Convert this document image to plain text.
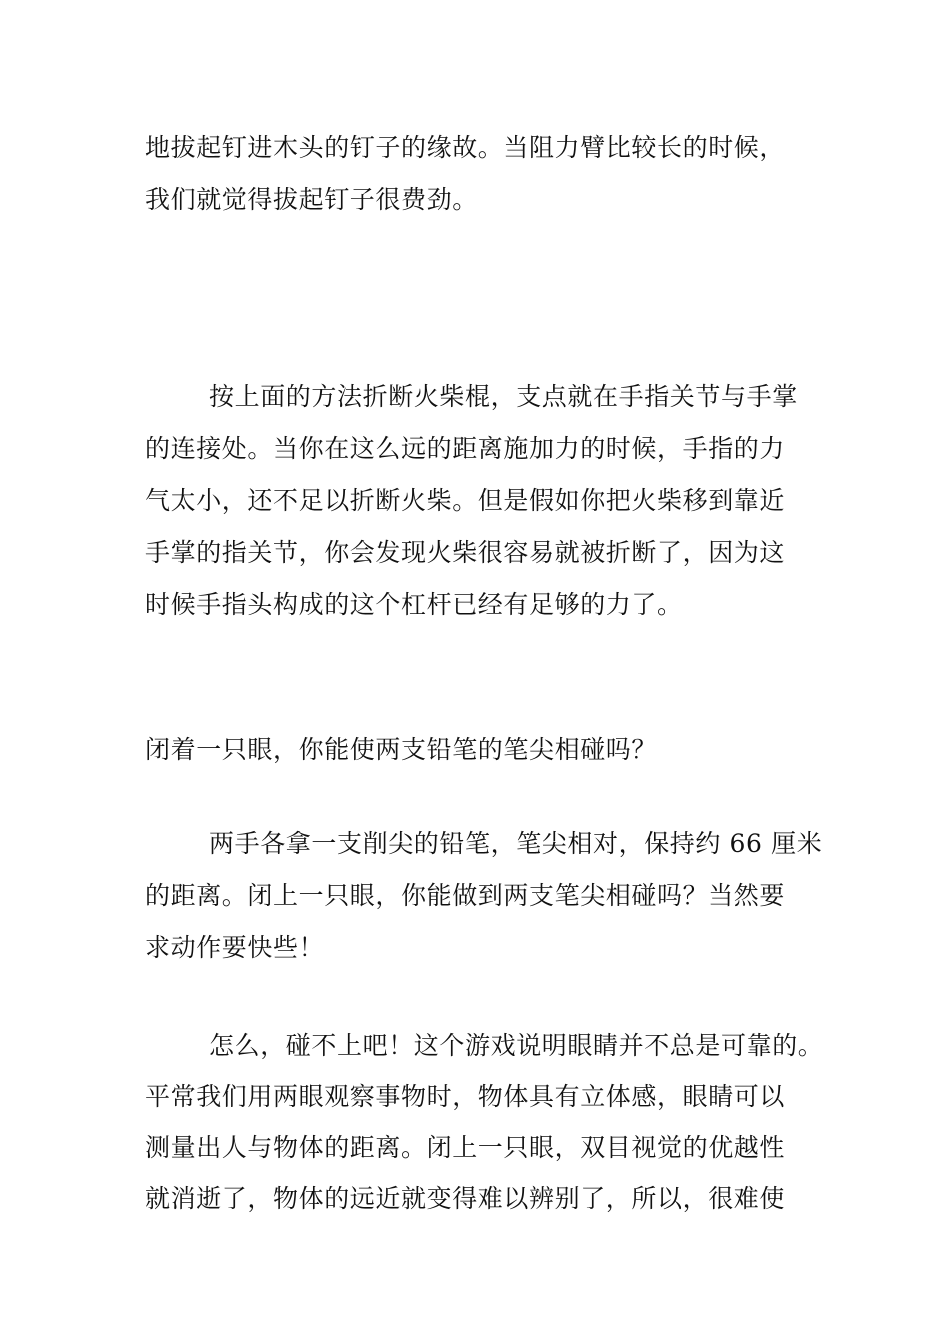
地拔起钉进木头的钉子的缘故。当阻力臂比较长的时候，
我们就觉得拔起钉子很费劲。
按上面的方法折断火柴棍，支点就在手指关节与手掌
的连接处。当你在这么远的距离施加力的时候，手指的力
气太小，还不足以折断火柴。但是假如你把火柴移到靠近
手掌的指关节，你会发现火柴很容易就被折断了，因为这
时候手指头构成的这个杠杆已经有足够的力了。
闭着一只眼，你能使两支铅笔的笔尖相碰吗？
两手各拿一支削尖的铅笔，笔尖相对，保持约 66 厘米
的距离。闭上一只眼，你能做到两支笔尖相碰吗？当然要
求动作要快些！
怎么，碰不上吧！这个游戏说明眼睛并不总是可靠的。
平常我们用两眼观察事物时，物体具有立体感，眼睛可以
测量出人与物体的距离。闭上一只眼，双目视觉的优越性
就消逝了，物体的远近就变得难以辨别了，所以，很难使
